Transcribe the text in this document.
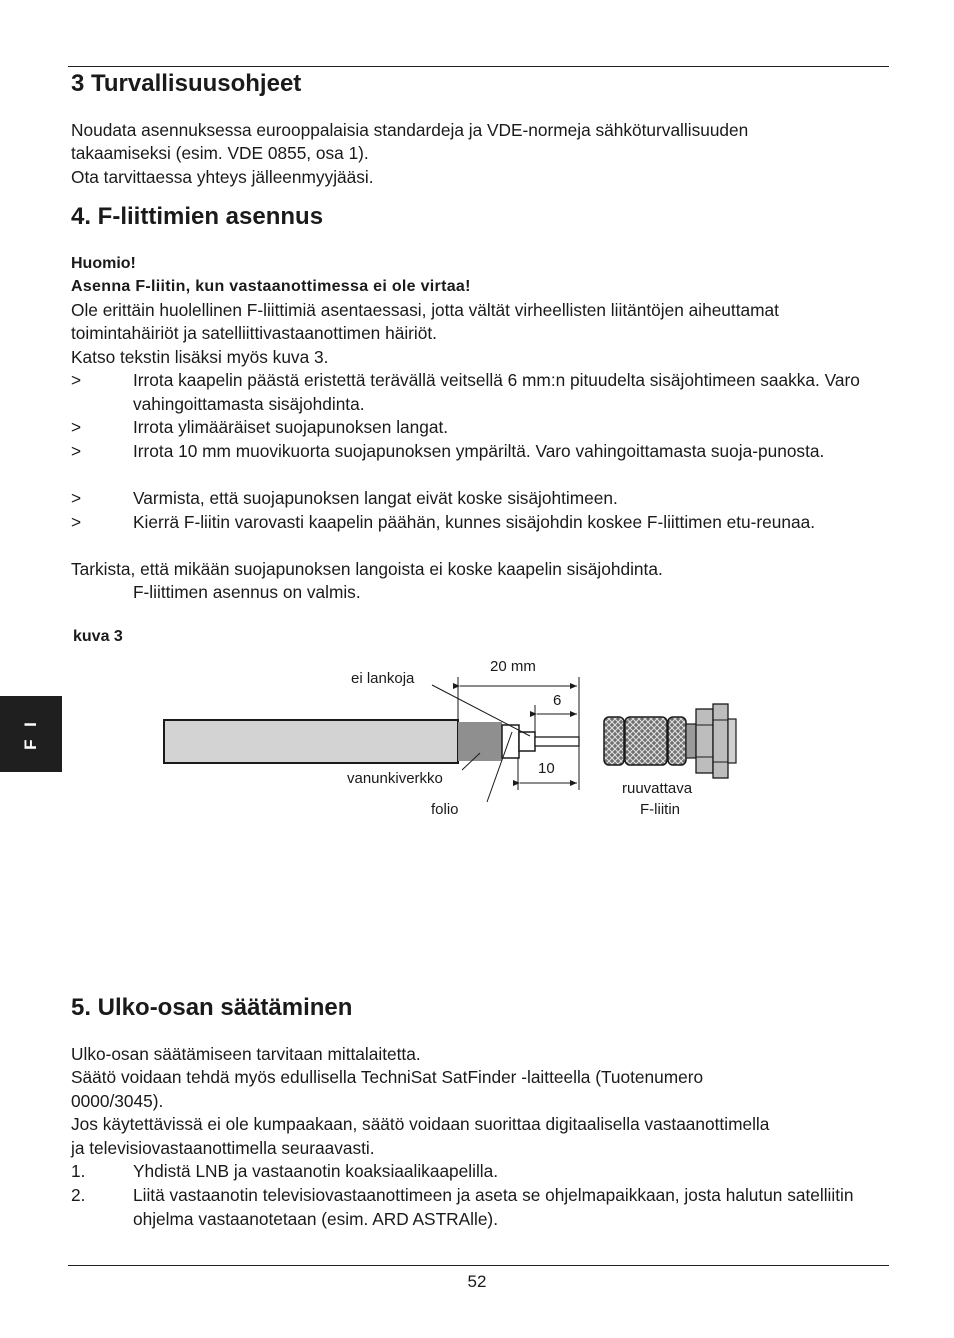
F I
3 Turvallisuusohjeet

Noudata asennuksessa eurooppalaisia standardeja ja VDE-normeja sähköturvallisuuden

takaamiseksi (esim. VDE 0855, osa 1).

Ota tarvittaessa yhteys jälleenmyyjääsi.

4. F-liittimien asennus

Huomio!

Asenna F-liitin, kun vastaanottimessa ei ole virtaa!

Ole erittäin huolellinen F-liittimiä asentaessasi, jotta vältät virheellisten liitäntöjen aiheuttamat

toimintahäiriöt ja satelliittivastaanottimen häiriöt.

Katso tekstin lisäksi myös kuva 3.

>	Irrota kaapelin päästä eristettä terävällä veitsellä 6 mm:n pituudelta sisäjohtimeen saakka. Varo vahingoittamasta sisäjohdinta.
>	Irrota ylimääräiset suojapunoksen langat.
>	Irrota 10 mm muovikuorta suojapunoksen ympäriltä. Varo vahingoittamasta suoja-punosta.
>	Varmista, että suojapunoksen langat eivät koske sisäjohtimeen.
>	Kierrä F-liitin varovasti kaapelin päähän, kunnes sisäjohdin koskee F-liittimen etu-reunaa.

Tarkista, että mikään suojapunoksen langoista ei koske kaapelin sisäjohdinta.

F-liittimen asennus on valmis.

kuva 3
20 mm
6
10
ei lankoja
vanunkiverkko
folio
ruuvattava
F-liitin
5. Ulko-osan säätäminen

Ulko-osan säätämiseen tarvitaan mittalaitetta.

Säätö voidaan tehdä myös edullisella TechniSat SatFinder -laitteella (Tuotenumero

0000/3045).

Jos käytettävissä ei ole kumpaakaan, säätö voidaan suorittaa digitaalisella vastaanottimella

ja televisiovastaanottimella seuraavasti.

1.	Yhdistä LNB ja vastaanotin koaksiaalikaapelilla.
2.	Liitä vastaanotin televisiovastaanottimeen ja aseta se ohjelmapaikkaan, josta halutun satelliitin ohjelma vastaanotetaan (esim. ARD ASTRAlle).
52
